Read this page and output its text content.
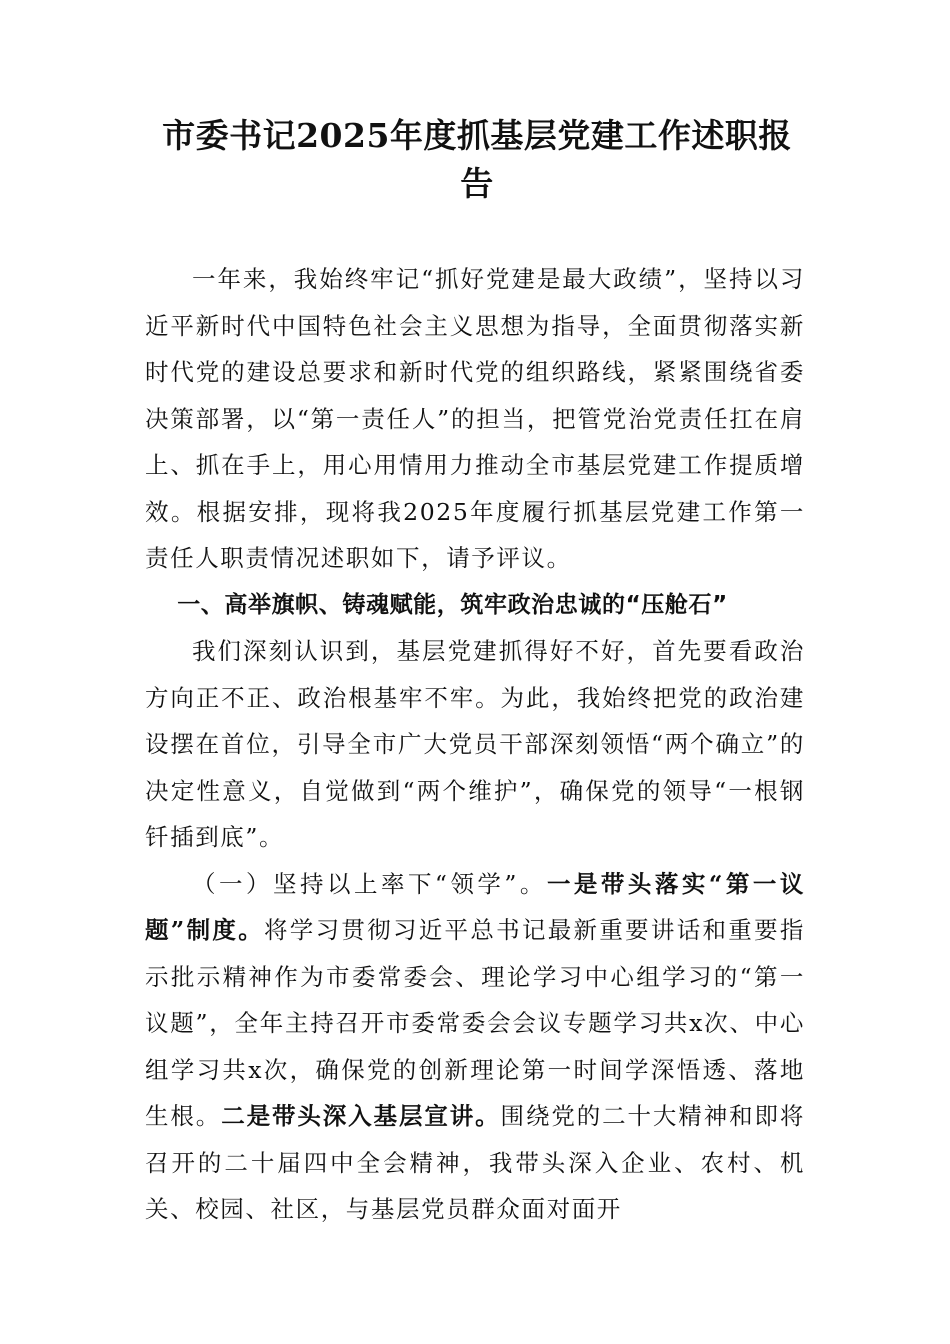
市委书记2025年度抓基层党建工作述职报告

一年来，我始终牢记“抓好党建是最大政绩”，坚持以习近平新时代中国特色社会主义思想为指导，全面贯彻落实新时代党的建设总要求和新时代党的组织路线，紧紧围绕省委决策部署，以“第一责任人”的担当，把管党治党责任扛在肩上、抓在手上，用心用情用力推动全市基层党建工作提质增效。根据安排，现将我2025年度履行抓基层党建工作第一责任人职责情况述职如下，请予评议。

一、高举旗帜、铸魂赋能，筑牢政治忠诚的“压舱石”

我们深刻认识到，基层党建抓得好不好，首先要看政治方向正不正、政治根基牢不牢。为此，我始终把党的政治建设摆在首位，引导全市广大党员干部深刻领悟“两个确立”的决定性意义，自觉做到“两个维护”，确保党的领导“一根钢钎插到底”。

（一）坚持以上率下“领学”。一是带头落实“第一议题”制度。将学习贯彻习近平总书记最新重要讲话和重要指示批示精神作为市委常委会、理论学习中心组学习的“第一议题”，全年主持召开市委常委会会议专题学习共x次、中心组学习共x次，确保党的创新理论第一时间学深悟透、落地生根。二是带头深入基层宣讲。围绕党的二十大精神和即将召开的二十届四中全会精神，我带头深入企业、农村、机关、校园、社区，与基层党员群众面对面开
